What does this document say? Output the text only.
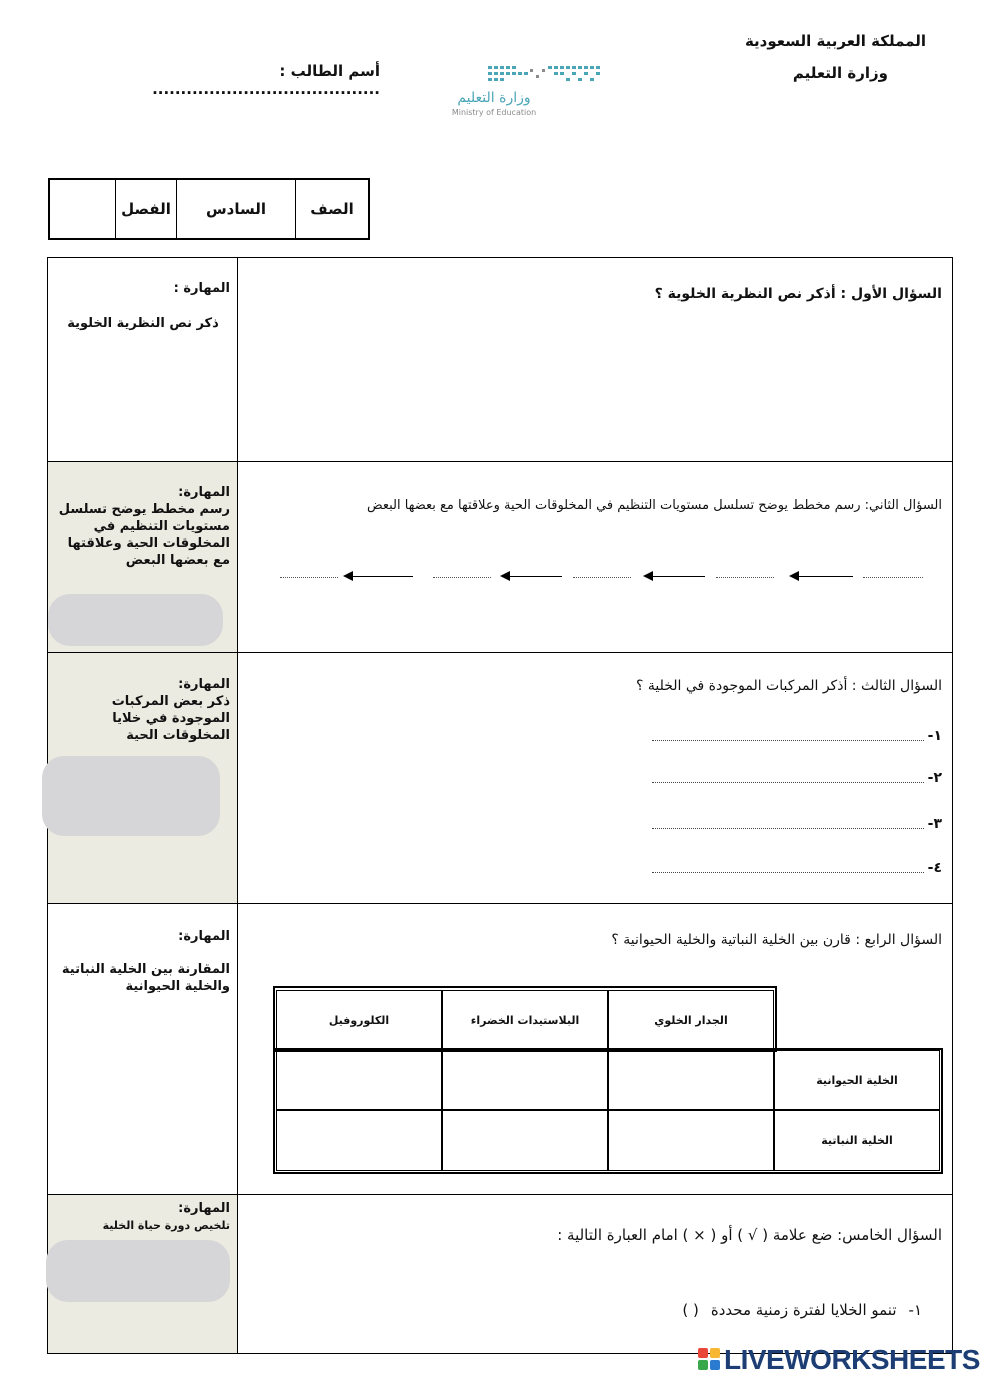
المملكة العربية السعودية
وزارة التعليم
أسم الطالب : ........................................	وزارة التعليم
Ministry of Education
الصف
السادس
الفصل
المهارة :
ذكر نص النظرية الخلوية
السؤال الأول : أذكر نص النظرية الخلوية ؟
المهارة:
رسم مخطط يوضح تسلسل مستويات التنظيم في المخلوقات الحية وعلاقتها مع بعضها البعض
السؤال الثاني: رسم مخطط يوضح تسلسل مستويات التنظيم في المخلوقات الحية وعلاقتها مع بعضها البعض
المهارة:
ذكر بعض المركبات الموجودة في خلايا المخلوقات الحية
السؤال الثالث : أذكر المركبات الموجودة في الخلية ؟
١-
٢-
٣-
٤-
المهارة:
المقارنة بين الخلية النباتية والخلية الحيوانية
السؤال الرابع : قارن بين الخلية النباتية والخلية الحيوانية ؟
الجدار الخلوي
البلاستيدات الخضراء
الكلوروفيل
الخلية الحيوانية
الخلية النباتية
المهارة:
تلخيص دورة حياة الخلية
السؤال الخامس: ضع علامة ( √ ) أو ( × ) امام العبارة التالية :
١-
تنمو الخلايا لفترة زمنية محددة
( )
LIVEWORKSHEETS
